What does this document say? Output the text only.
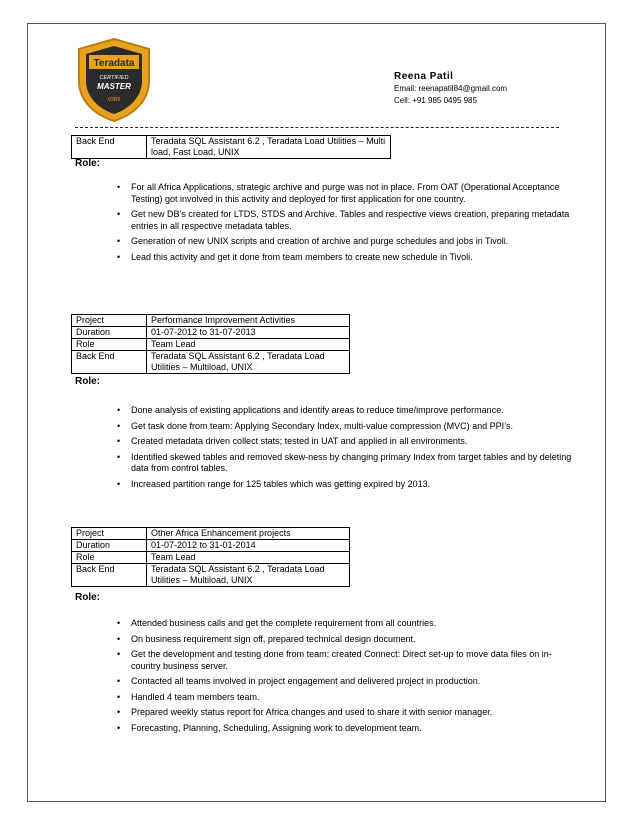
Teradata
CERTIFIED
MASTER
V2R5
Reena Patil
Email: reenapatil84@gmail.com
Cell: +91 985 0495 985
Back End	Teradata SQL Assistant 6.2 , Teradata Load Utilities – Multi load, Fast Load, UNIX
Role:
• For all Africa Applications, strategic archive and purge was not in place. From OAT (Operational Acceptance Testing) got involved in this activity and deployed for first application for one country.
• Get new DB’s created for LTDS, STDS and Archive. Tables and respective views creation, preparing metadata entries in all respective metadata tables.
• Generation of new UNIX scripts and creation of archive and purge schedules and jobs in Tivoli.
• Lead this activity and get it done from team members to create new schedule in Tivoli.
Project	Performance Improvement Activities
Duration	01-07-2012 to 31-07-2013
Role	Team Lead
Back End	Teradata SQL Assistant 6.2 , Teradata Load Utilities – Multiload, UNIX
Role:
• Done analysis of existing applications and identify areas to reduce time/improve performance.
• Get task done from team: Applying Secondary Index, multi-value compression (MVC) and PPI’s.
• Created metadata driven collect stats; tested in UAT and applied in all environments.
• Identified skewed tables and removed skew-ness by changing primary Index from target tables and by deleting data from control tables.
• Increased partition range for 125 tables which was getting expired by 2013.
Project	Other Africa Enhancement projects
Duration	01-07-2012 to 31-01-2014
Role	Team Lead
Back End	Teradata SQL Assistant 6.2 , Teradata Load Utilities – Multiload, UNIX
Role:
• Attended business calls and get the complete requirement from all countries.
• On business requirement sign off, prepared technical design document.
• Get the development and testing done from team; created Connect: Direct set-up to move data files on in-country business server.
• Contacted all teams involved in project engagement and delivered project in production.
• Handled 4 team members team.
• Prepared weekly status report for Africa changes and used to share it with senior manager.
• Forecasting, Planning, Scheduling, Assigning work to development team.
